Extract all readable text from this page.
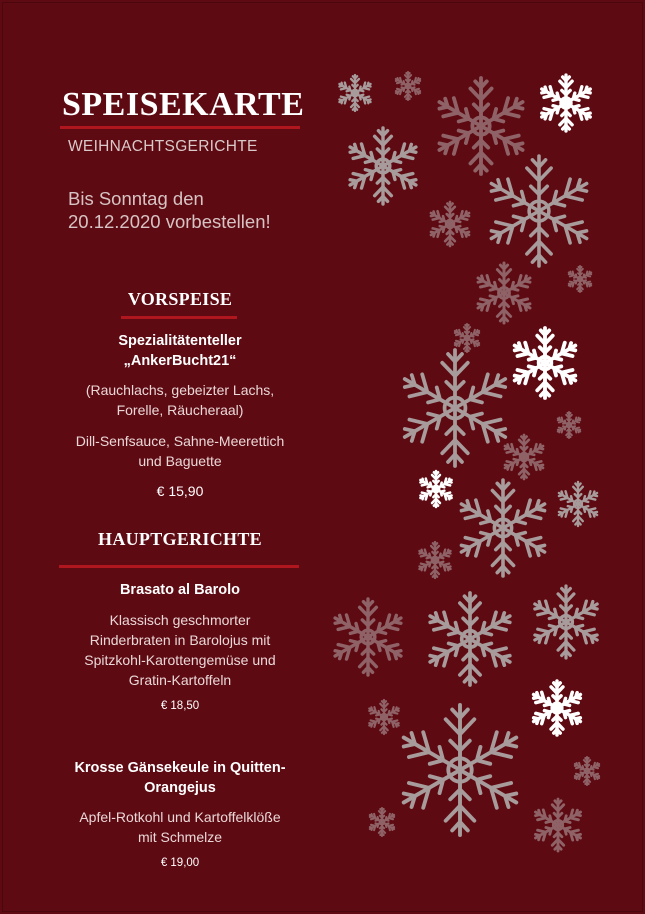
SPEISEKARTE
WEIHNACHTSGERICHTE
Bis Sonntag den
20.12.2020 vorbestellen!
VORSPEISE
Spezialitätenteller
„AnkerBucht21“
(Rauchlachs, gebeizter Lachs,
Forelle, Räucheraal)
Dill-Senfsauce, Sahne-Meerettich
und Baguette
€ 15,90
HAUPTGERICHTE
Brasato al Barolo
Klassisch geschmorter
Rinderbraten in Barolojus mit
Spitzkohl-Karottengemüse und
Gratin-Kartoffeln
€ 18,50
Krosse Gänsekeule in Quitten-
Orangejus
Apfel-Rotkohl und Kartoffelklöße
mit Schmelze
€ 19,00
